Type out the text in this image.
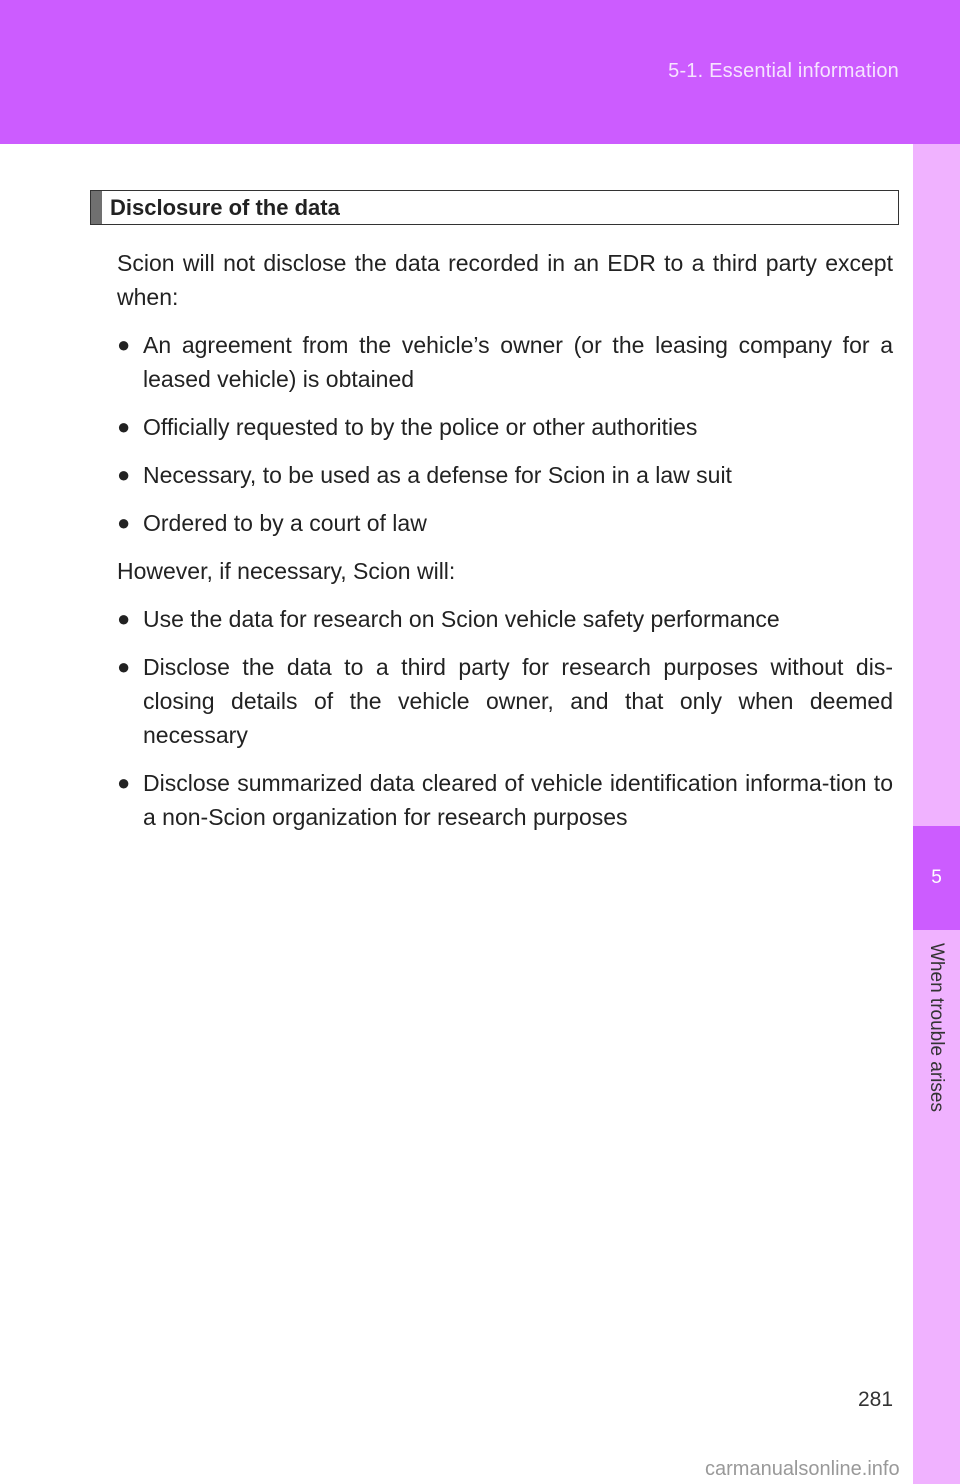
5-1. Essential information
5
When trouble arises
Disclosure of the data

Scion will not disclose the data recorded in an EDR to a third party except when:

● An agreement from the vehicle’s owner (or the leasing company for a leased vehicle) is obtained
● Officially requested to by the police or other authorities
● Necessary, to be used as a defense for Scion in a law suit
● Ordered to by a court of law

However, if necessary, Scion will:

● Use the data for research on Scion vehicle safety performance
● Disclose the data to a third party for research purposes without dis-closing details of the vehicle owner, and that only when deemed necessary
● Disclose summarized data cleared of vehicle identification informa-tion to a non-Scion organization for research purposes
281
carmanualsonline.info
